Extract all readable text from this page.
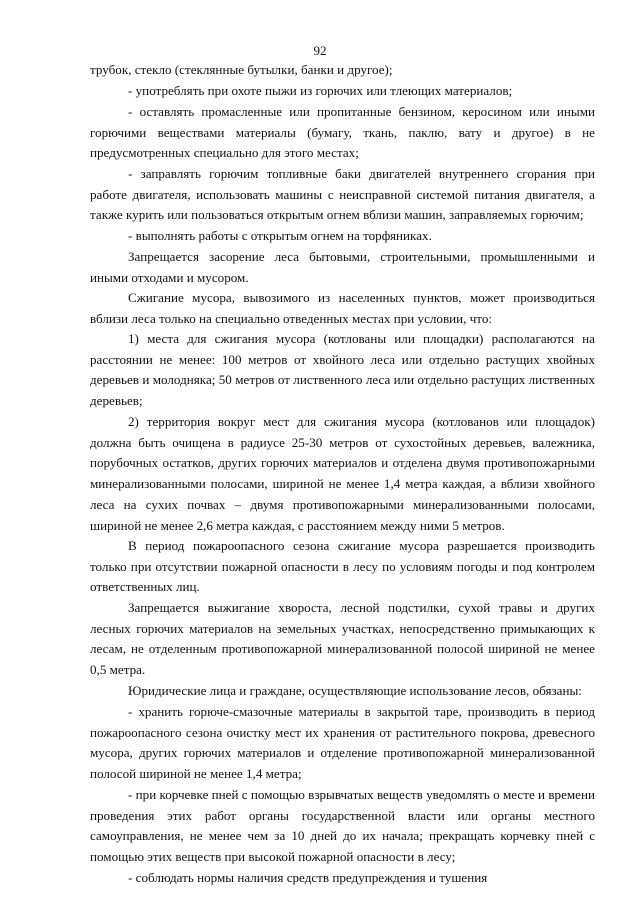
92

трубок, стекло (стеклянные бутылки, банки и другое);

- употреблять при охоте пыжи из горючих или тлеющих материалов;

- оставлять промасленные или пропитанные бензином, керосином или иными горючими веществами материалы (бумагу, ткань, паклю, вату и другое) в не предусмотренных специально для этого местах;

- заправлять горючим топливные баки двигателей внутреннего сгорания при работе двигателя, использовать машины с неисправной системой питания двигателя, а также курить или пользоваться открытым огнем вблизи машин, заправляемых горючим;

- выполнять работы с открытым огнем на торфяниках.

Запрещается засорение леса бытовыми, строительными, промышленными и иными отходами и мусором.

Сжигание мусора, вывозимого из населенных пунктов, может производиться вблизи леса только на специально отведенных местах при условии, что:

1) места для сжигания мусора (котлованы или площадки) располагаются на расстоянии не менее: 100 метров от хвойного леса или отдельно растущих хвойных деревьев и молодняка; 50 метров от лиственного леса или отдельно растущих лиственных деревьев;

2) территория вокруг мест для сжигания мусора (котлованов или площадок) должна быть очищена в радиусе 25-30 метров от сухостойных деревьев, валежника, порубочных остатков, других горючих материалов и отделена двумя противопожарными минерализованными полосами, шириной не менее 1,4 метра каждая, а вблизи хвойного леса на сухих почвах – двумя противопожарными минерализованными полосами, шириной не менее 2,6 метра каждая, с расстоянием между ними 5 метров.

В период пожароопасного сезона сжигание мусора разрешается производить только при отсутствии пожарной опасности в лесу по условиям погоды и под контролем ответственных лиц.

Запрещается выжигание хвороста, лесной подстилки, сухой травы и других лесных горючих материалов на земельных участках, непосредственно примыкающих к лесам, не отделенным противопожарной минерализованной полосой шириной не менее 0,5 метра.

Юридические лица и граждане, осуществляющие использование лесов, обязаны:

- хранить горюче-смазочные материалы в закрытой таре, производить в период пожароопасного сезона очистку мест их хранения от растительного покрова, древесного мусора, других горючих материалов и отделение противопожарной минерализованной полосой шириной не менее 1,4 метра;

- при корчевке пней с помощью взрывчатых веществ уведомлять о месте и времени проведения этих работ органы государственной власти или органы местного самоуправления, не менее чем за 10 дней до их начала; прекращать корчевку пней с помощью этих веществ при высокой пожарной опасности в лесу;

- соблюдать нормы наличия средств предупреждения и тушения
